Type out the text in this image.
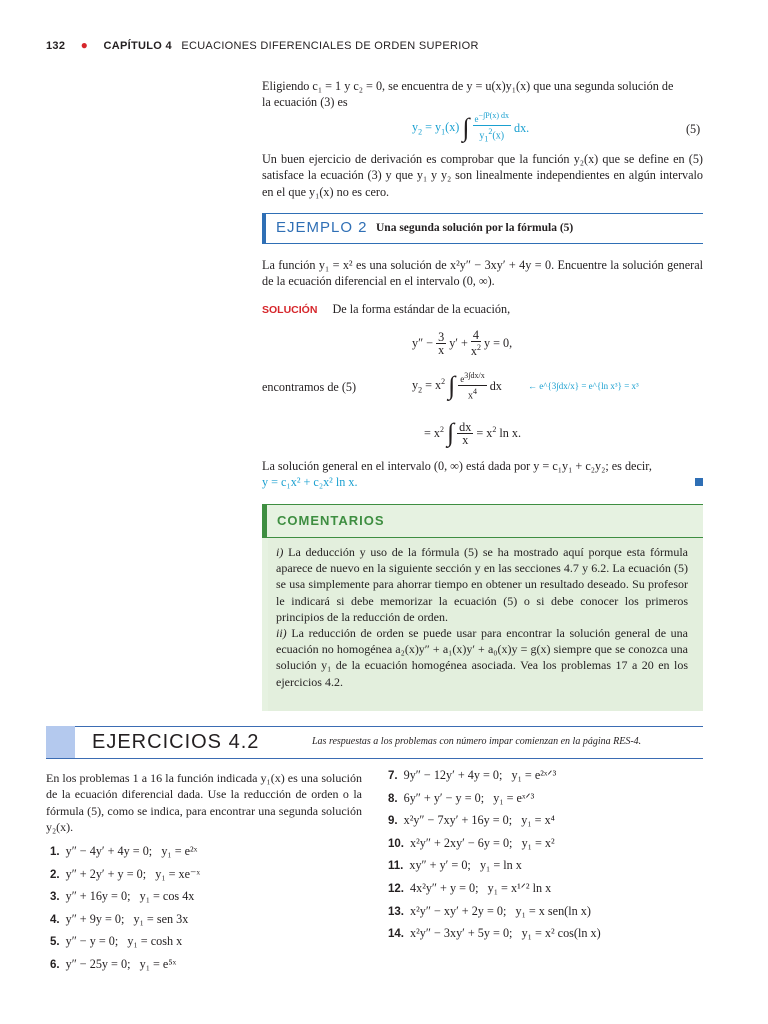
132 ● CAPÍTULO 4 ECUACIONES DIFERENCIALES DE ORDEN SUPERIOR
Eligiendo c₁ = 1 y c₂ = 0, se encuentra de y = u(x)y₁(x) que una segunda solución de
la ecuación (3) es
$y_2 = y_1(x)$ ∫ $\frac{e^{-\int P(x) dx}}{y_1^2(x)}$ dx.	(5)
Un buen ejercicio de derivación es comprobar que la función y₂(x) que se define en (5) satisface la ecuación (3) y que y₁ y y₂ son linealmente independientes en algún intervalo en el que y₁(x) no es cero.
EJEMPLO 2 Una segunda solución por la fórmula (5)
La función y₁ = x² es una solución de x²y″ − 3xy′ + 4y = 0. Encuentre la solución general de la ecuación diferencial en el intervalo (0, ∞).
SOLUCIÓN De la forma estándar de la ecuación,
$y'' - \frac{3}{x} y' + \frac{4}{x^2}$ y = 0,
encontramos de (5)	$y_2 = x^2$ ∫ $\frac{e^{3\int dx/x}}{x^4}$ dx	← e^{3∫dx/x} = e^{ln x³} = x³
= $x^2$ ∫ $\frac{dx}{x} = x^2$ ln x.
La solución general en el intervalo (0, ∞) está dada por y = c₁y₁ + c₂y₂; es decir,
y = c₁x² + c₂x² ln x.
COMENTARIOS
i) La deducción y uso de la fórmula (5) se ha mostrado aquí porque esta fórmula aparece de nuevo en la siguiente sección y en las secciones 4.7 y 6.2. La ecuación (5) se usa simplemente para ahorrar tiempo en obtener un resultado deseado. Su profesor le indicará si debe memorizar la ecuación (5) o si debe conocer los primeros principios de la reducción de orden.
ii) La reducción de orden se puede usar para encontrar la solución general de una ecuación no homogénea a₂(x)y″ + a₁(x)y′ + a₀(x)y = g(x) siempre que se conozca una solución y₁ de la ecuación homogénea asociada. Vea los problemas 17 a 20 en los ejercicios 4.2.
EJERCICIOS 4.2	Las respuestas a los problemas con número impar comienzan en la página RES-4.
En los problemas 1 a 16 la función indicada y₁(x) es una solución de la ecuación diferencial dada. Use la reducción de orden o la fórmula (5), como se indica, para encontrar una segunda solución y₂(x).
1. y″ − 4y′ + 4y = 0; y₁ = e²ˣ
2. y″ + 2y′ + y = 0; y₁ = xe⁻ˣ
3. y″ + 16y = 0; y₁ = cos 4x
4. y″ + 9y = 0; y₁ = sen 3x
5. y″ − y = 0; y₁ = cosh x
6. y″ − 25y = 0; y₁ = e⁵ˣ
7. 9y″ − 12y′ + 4y = 0; y₁ = e²ˣᐟ³
8. 6y″ + y′ − y = 0; y₁ = eˣᐟ³
9. x²y″ − 7xy′ + 16y = 0; y₁ = x⁴
10. x²y″ + 2xy′ − 6y = 0; y₁ = x²
11. xy″ + y′ = 0; y₁ = ln x
12. 4x²y″ + y = 0; y₁ = x¹ᐟ² ln x
13. x²y″ − xy′ + 2y = 0; y₁ = x sen(ln x)
14. x²y″ − 3xy′ + 5y = 0; y₁ = x² cos(ln x)
